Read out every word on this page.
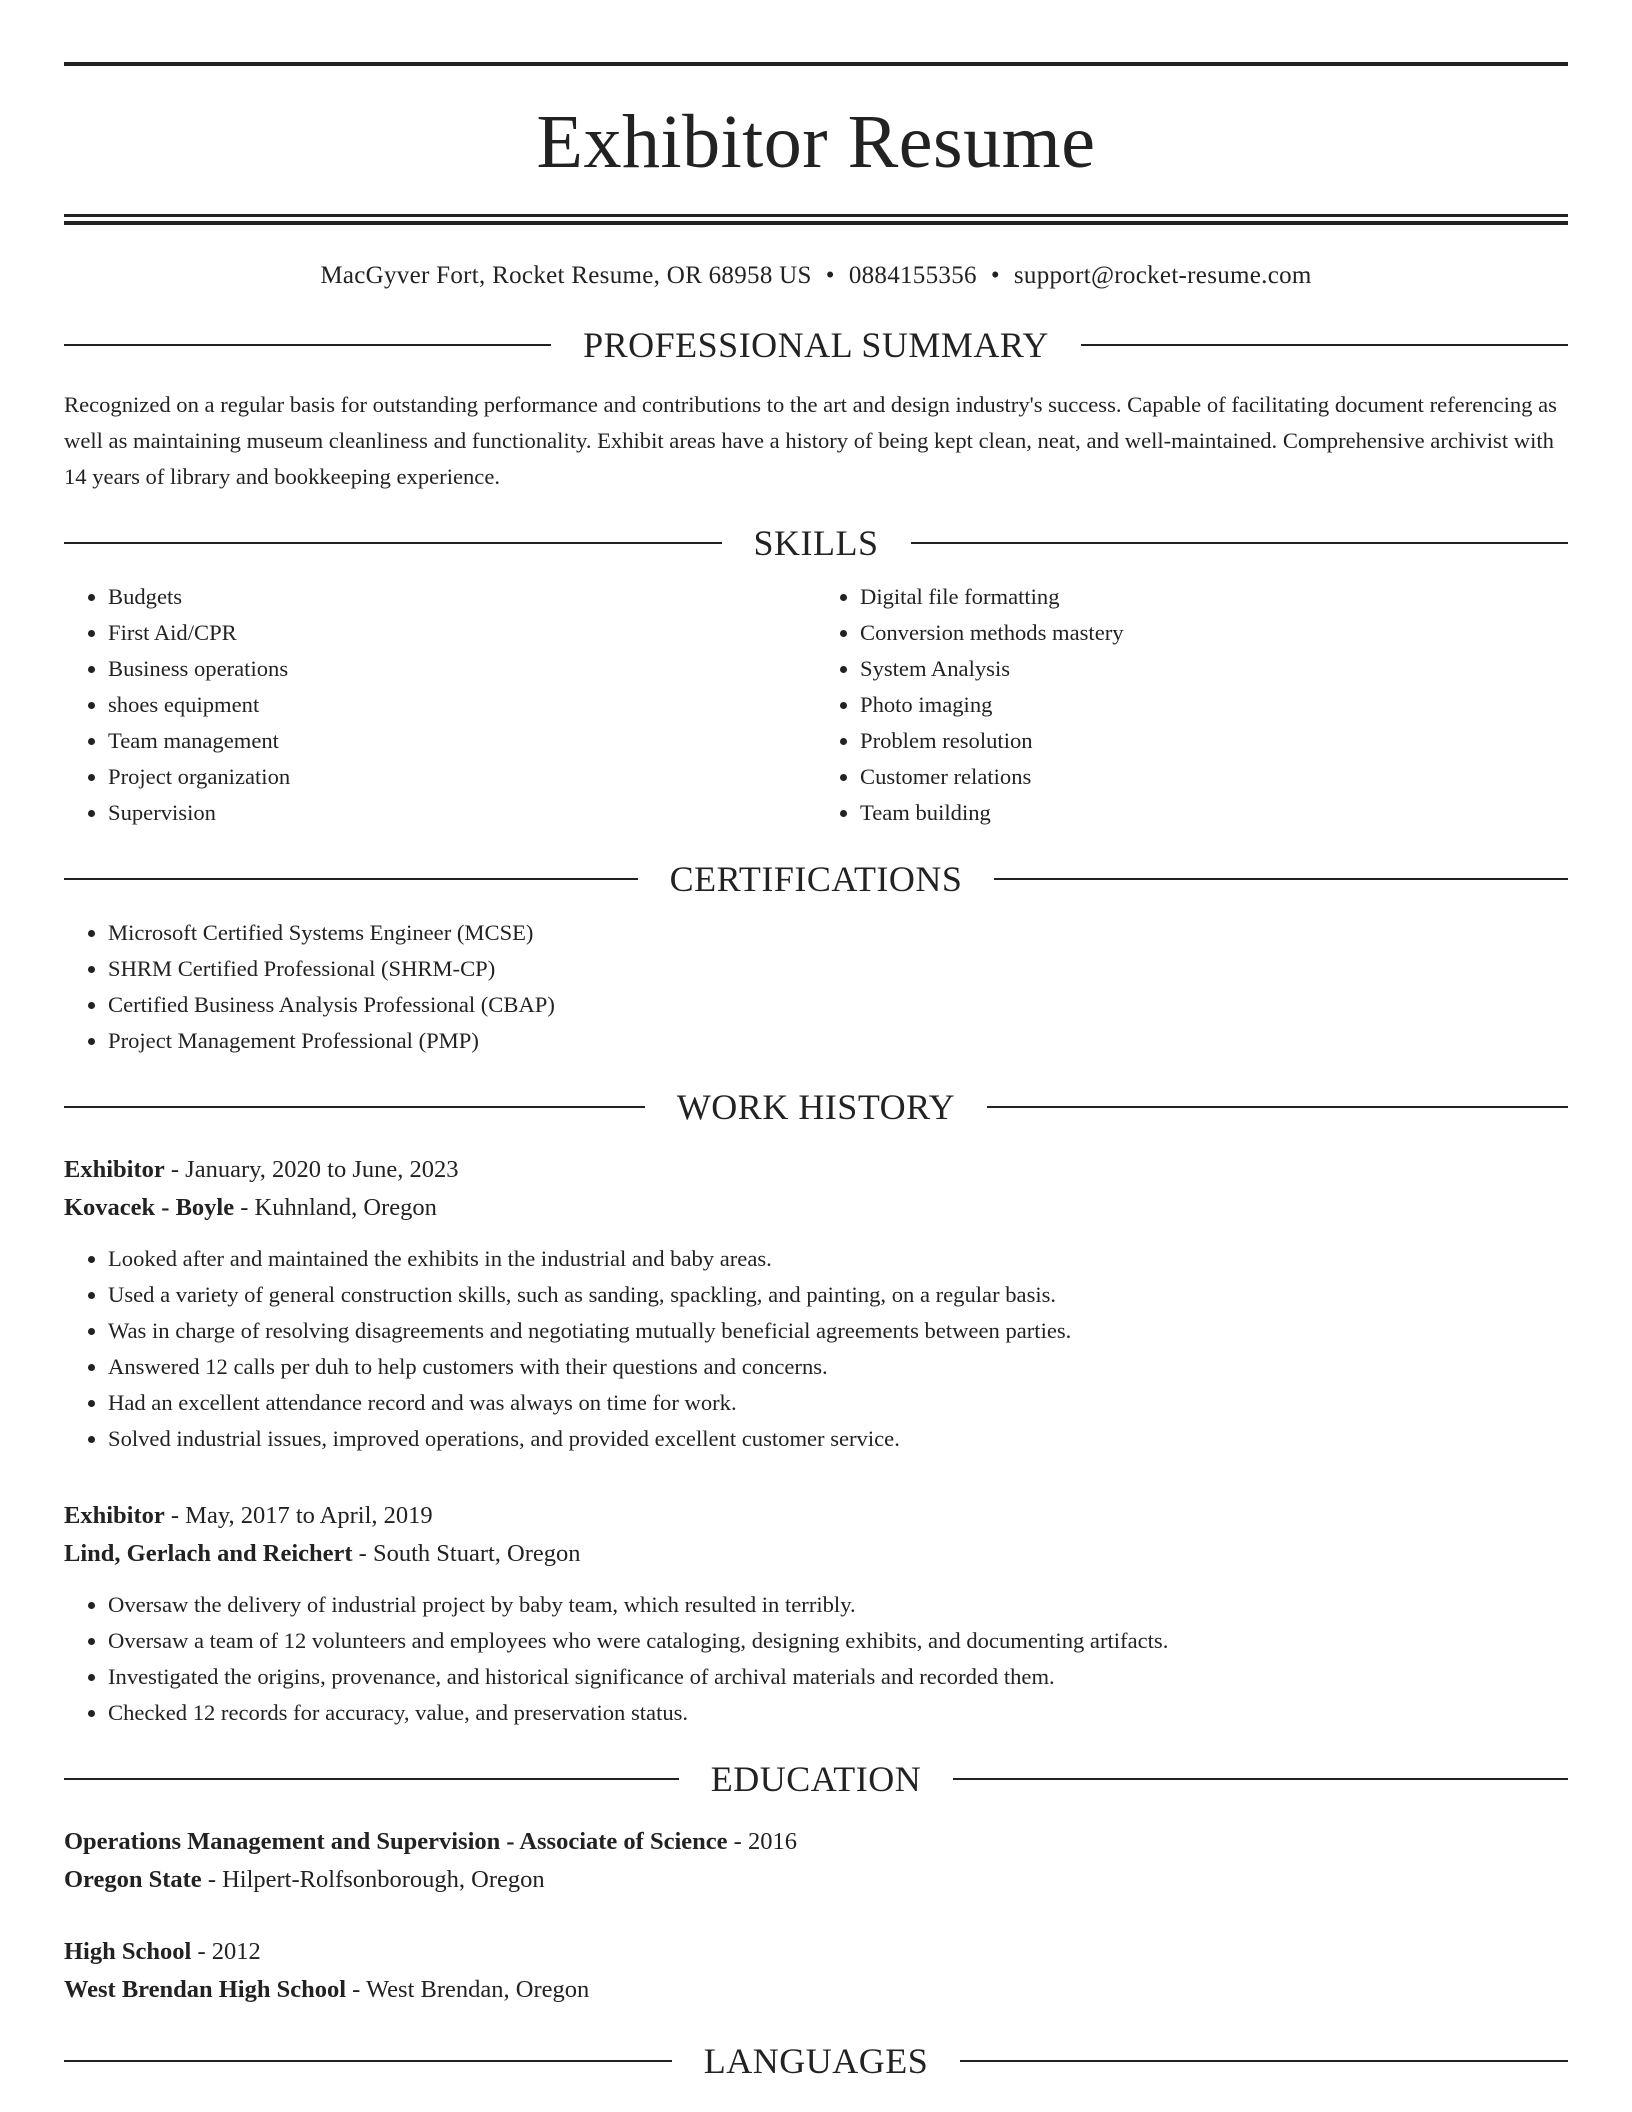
Exhibitor Resume
MacGyver Fort, Rocket Resume, OR 68958 US • 0884155356 • support@rocket-resume.com
PROFESSIONAL SUMMARY

Recognized on a regular basis for outstanding performance and contributions to the art and design industry's success. Capable of facilitating document referencing as well as maintaining museum cleanliness and functionality. Exhibit areas have a history of being kept clean, neat, and well-maintained. Comprehensive archivist with 14 years of library and bookkeeping experience.

SKILLS
• Budgets
• First Aid/CPR
• Business operations
• shoes equipment
• Team management
• Project organization
• Supervision
• Digital file formatting
• Conversion methods mastery
• System Analysis
• Photo imaging
• Problem resolution
• Customer relations
• Team building
CERTIFICATIONS
• Microsoft Certified Systems Engineer (MCSE)
• SHRM Certified Professional (SHRM-CP)
• Certified Business Analysis Professional (CBAP)
• Project Management Professional (PMP)
WORK HISTORY

Exhibitor - January, 2020 to June, 2023

Kovacek - Boyle - Kuhnland, Oregon

• Looked after and maintained the exhibits in the industrial and baby areas.
• Used a variety of general construction skills, such as sanding, spackling, and painting, on a regular basis.
• Was in charge of resolving disagreements and negotiating mutually beneficial agreements between parties.
• Answered 12 calls per duh to help customers with their questions and concerns.
• Had an excellent attendance record and was always on time for work.
• Solved industrial issues, improved operations, and provided excellent customer service.

Exhibitor - May, 2017 to April, 2019

Lind, Gerlach and Reichert - South Stuart, Oregon

• Oversaw the delivery of industrial project by baby team, which resulted in terribly.
• Oversaw a team of 12 volunteers and employees who were cataloging, designing exhibits, and documenting artifacts.
• Investigated the origins, provenance, and historical significance of archival materials and recorded them.
• Checked 12 records for accuracy, value, and preservation status.
EDUCATION

Operations Management and Supervision - Associate of Science - 2016

Oregon State - Hilpert-Rolfsonborough, Oregon

High School - 2012

West Brendan High School - West Brendan, Oregon

LANGUAGES
